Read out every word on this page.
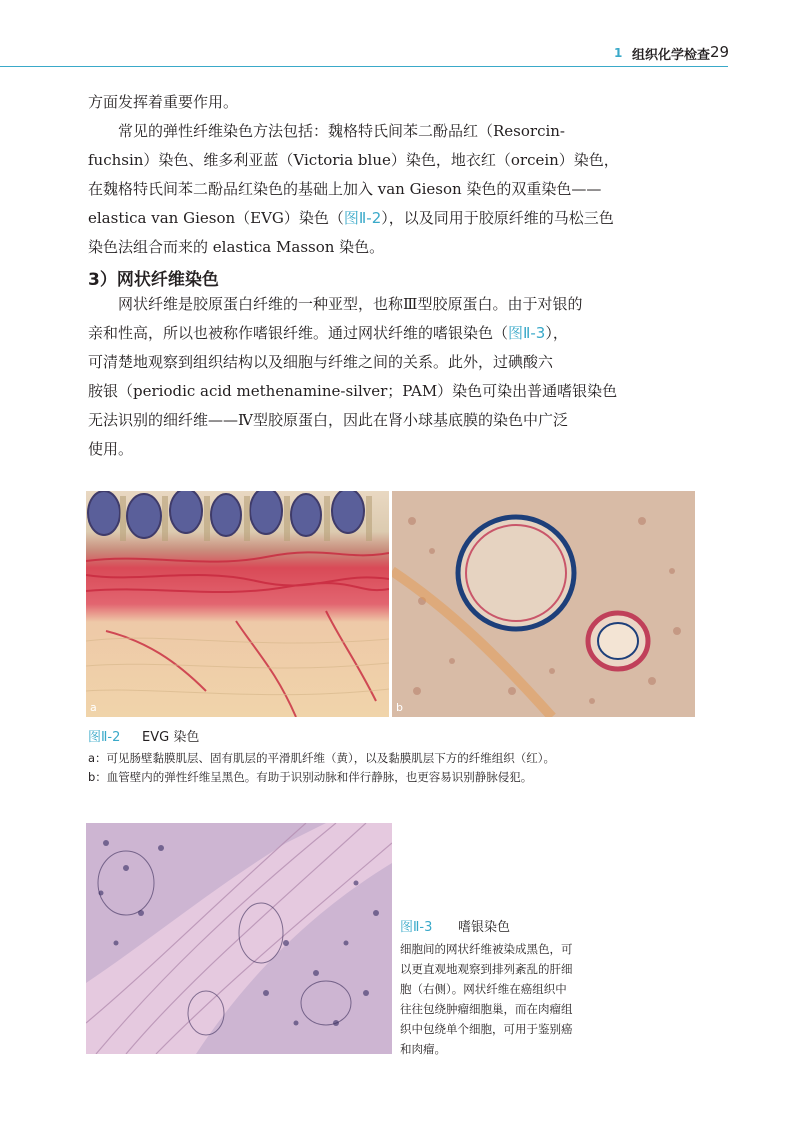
1 组织化学检查 29
方面发挥着重要作用。
常见的弹性纤维染色方法包括：魏格特氏间苯二酚品红（Resorcin-
fuchsin）染色、维多利亚蓝（Victoria blue）染色，地衣红（orcein）染色，
在魏格特氏间苯二酚品红染色的基础上加入 van Gieson 染色的双重染色——
elastica van Gieson（EVG）染色（图Ⅱ-2），以及同用于胶原纤维的马松三色
染色法组合而来的 elastica Masson 染色。
3）网状纤维染色
网状纤维是胶原蛋白纤维的一种亚型，也称Ⅲ型胶原蛋白。由于对银的
亲和性高，所以也被称作嗜银纤维。通过网状纤维的嗜银染色（图Ⅱ-3），
可清楚地观察到组织结构以及细胞与纤维之间的关系。此外，过碘酸六
胺银（periodic acid methenamine-silver；PAM）染色可染出普通嗜银染色
无法识别的细纤维——Ⅳ型胶原蛋白，因此在肾小球基底膜的染色中广泛
使用。
a	b
图Ⅱ-2 EVG 染色
a：可见肠壁黏膜肌层、固有肌层的平滑肌纤维（黄），以及黏膜肌层下方的纤维组织（红）。
b：血管壁内的弹性纤维呈黑色。有助于识别动脉和伴行静脉，也更容易识别静脉侵犯。
图Ⅱ-3 嗜银染色
细胞间的网状纤维被染成黑色，可
以更直观地观察到排列紊乱的肝细
胞（右侧）。网状纤维在癌组织中
往往包绕肿瘤细胞巢，而在肉瘤组
织中包绕单个细胞，可用于鉴别癌
和肉瘤。
